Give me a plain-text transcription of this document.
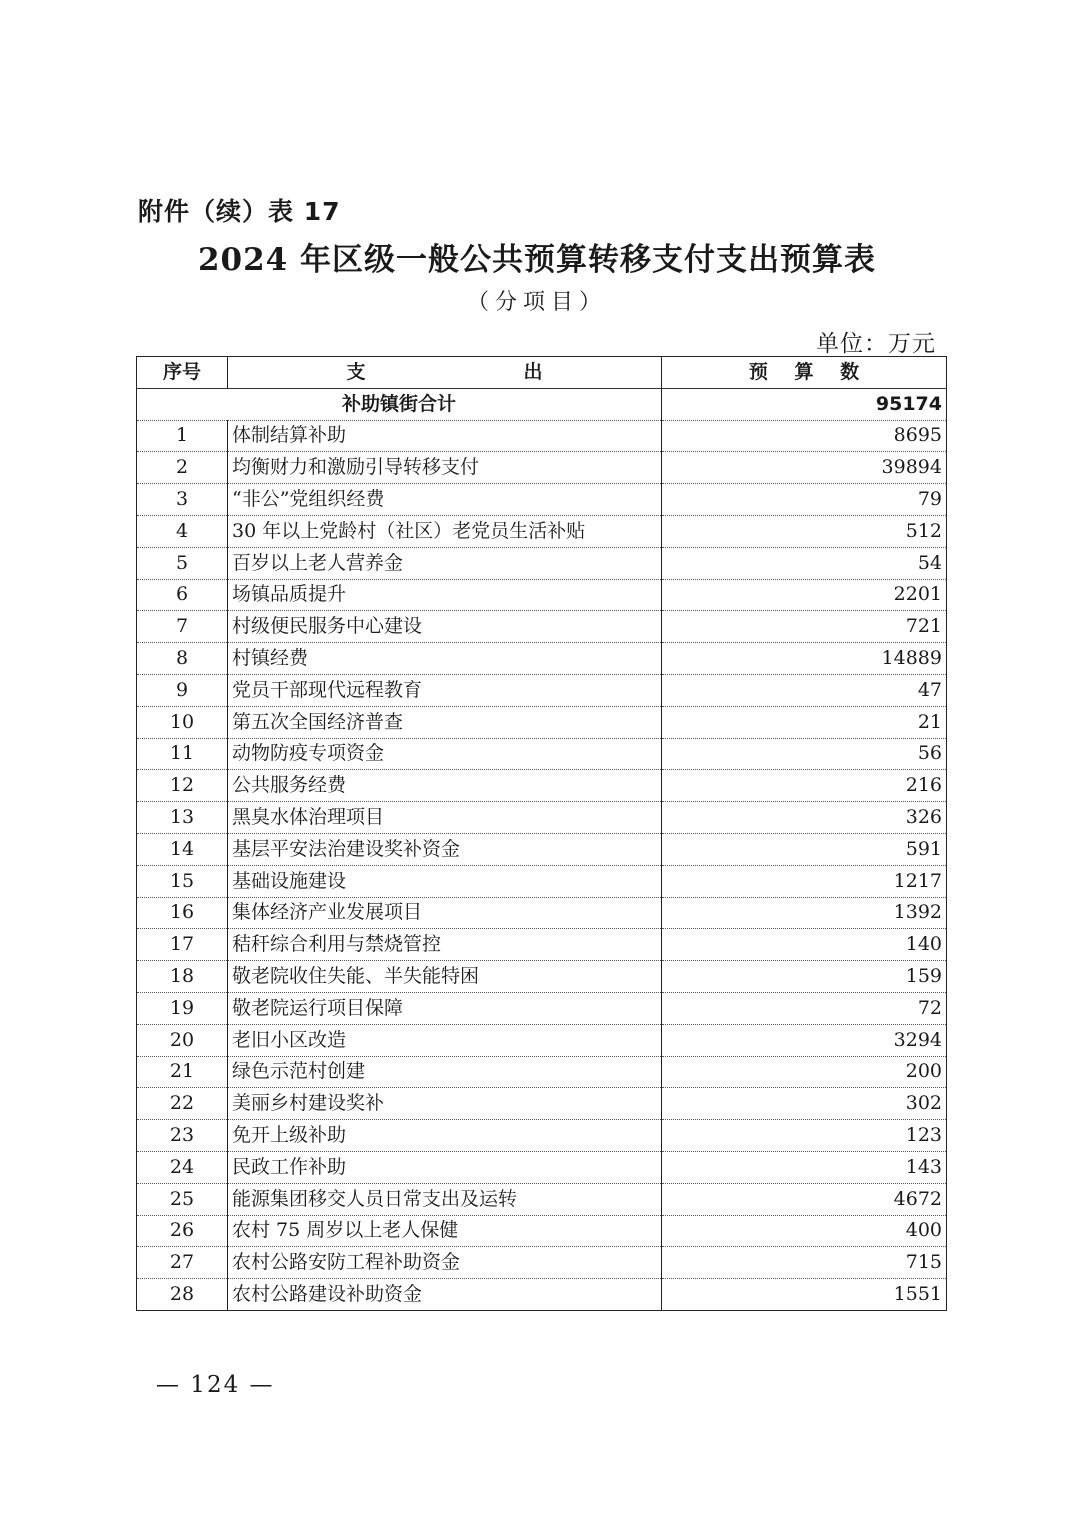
附件（续）表 17
2024 年区级一般公共预算转移支付支出预算表
（分项目）
单位：万元
序号	支　　出	预 算 数
补助镇街合计		95174
1	体制结算补助	8695
2	均衡财力和激励引导转移支付	39894
3	“非公”党组织经费	79
4	30 年以上党龄村（社区）老党员生活补贴	512
5	百岁以上老人营养金	54
6	场镇品质提升	2201
7	村级便民服务中心建设	721
8	村镇经费	14889
9	党员干部现代远程教育	47
10	第五次全国经济普查	21
11	动物防疫专项资金	56
12	公共服务经费	216
13	黑臭水体治理项目	326
14	基层平安法治建设奖补资金	591
15	基础设施建设	1217
16	集体经济产业发展项目	1392
17	秸秆综合利用与禁烧管控	140
18	敬老院收住失能、半失能特困	159
19	敬老院运行项目保障	72
20	老旧小区改造	3294
21	绿色示范村创建	200
22	美丽乡村建设奖补	302
23	免开上级补助	123
24	民政工作补助	143
25	能源集团移交人员日常支出及运转	4672
26	农村 75 周岁以上老人保健	400
27	农村公路安防工程补助资金	715
28	农村公路建设补助资金	1551
— 124 —
